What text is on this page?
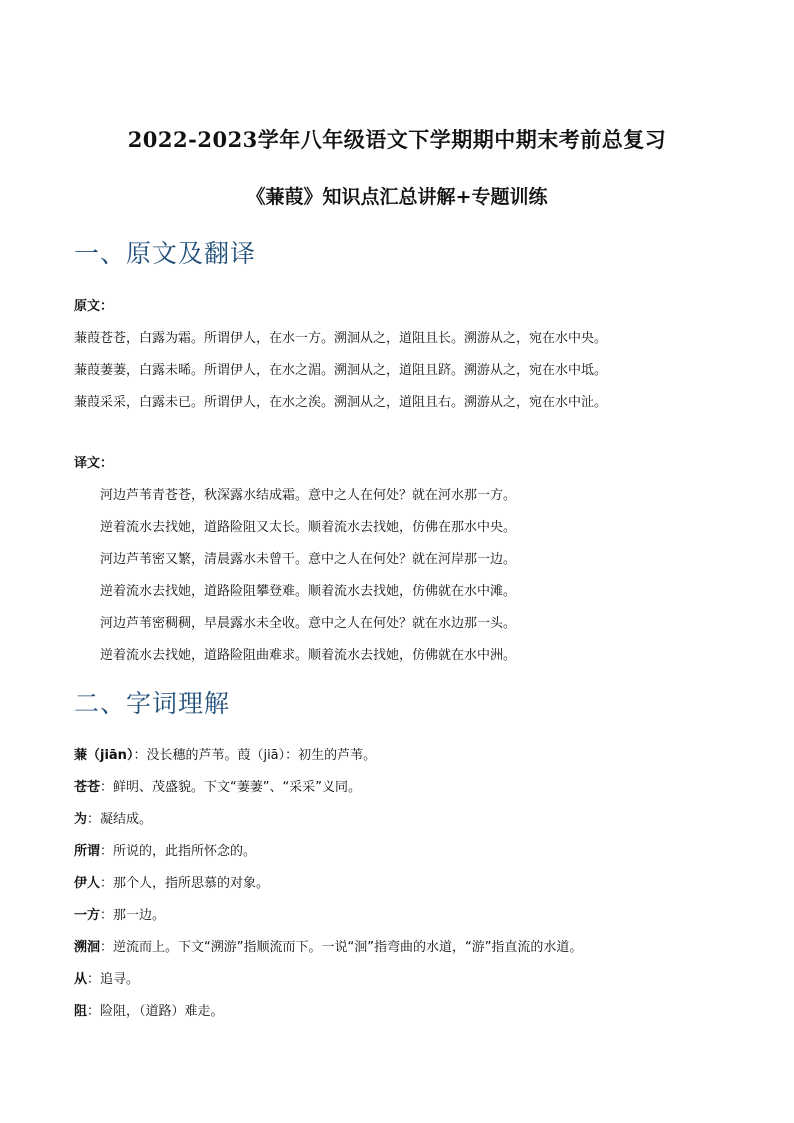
2022-2023学年八年级语文下学期期中期末考前总复习
《蒹葭》知识点汇总讲解+专题训练
一、原文及翻译
原文：
蒹葭苍苍，白露为霜。所谓伊人，在水一方。溯洄从之，道阻且长。溯游从之，宛在水中央。
蒹葭萋萋，白露未晞。所谓伊人，在水之湄。溯洄从之，道阻且跻。溯游从之，宛在水中坻。
蒹葭采采，白露未已。所谓伊人，在水之涘。溯洄从之，道阻且右。溯游从之，宛在水中沚。
译文：
河边芦苇青苍苍，秋深露水结成霜。意中之人在何处？就在河水那一方。
逆着流水去找她，道路险阻又太长。顺着流水去找她，仿佛在那水中央。
河边芦苇密又繁，清晨露水未曾干。意中之人在何处？就在河岸那一边。
逆着流水去找她，道路险阻攀登难。顺着流水去找她，仿佛就在水中滩。
河边芦苇密稠稠，早晨露水未全收。意中之人在何处？就在水边那一头。
逆着流水去找她，道路险阻曲难求。顺着流水去找她，仿佛就在水中洲。
二、字词理解
蒹（jiān）：没长穗的芦苇。葭（jiā）：初生的芦苇。
苍苍：鲜明、茂盛貌。下文“萋萋”、“采采”义同。
为：凝结成。
所谓：所说的，此指所怀念的。
伊人：那个人，指所思慕的对象。
一方：那一边。
溯洄：逆流而上。下文“溯游”指顺流而下。一说“洄”指弯曲的水道，“游”指直流的水道。
从：追寻。
阻：险阻，（道路）难走。
